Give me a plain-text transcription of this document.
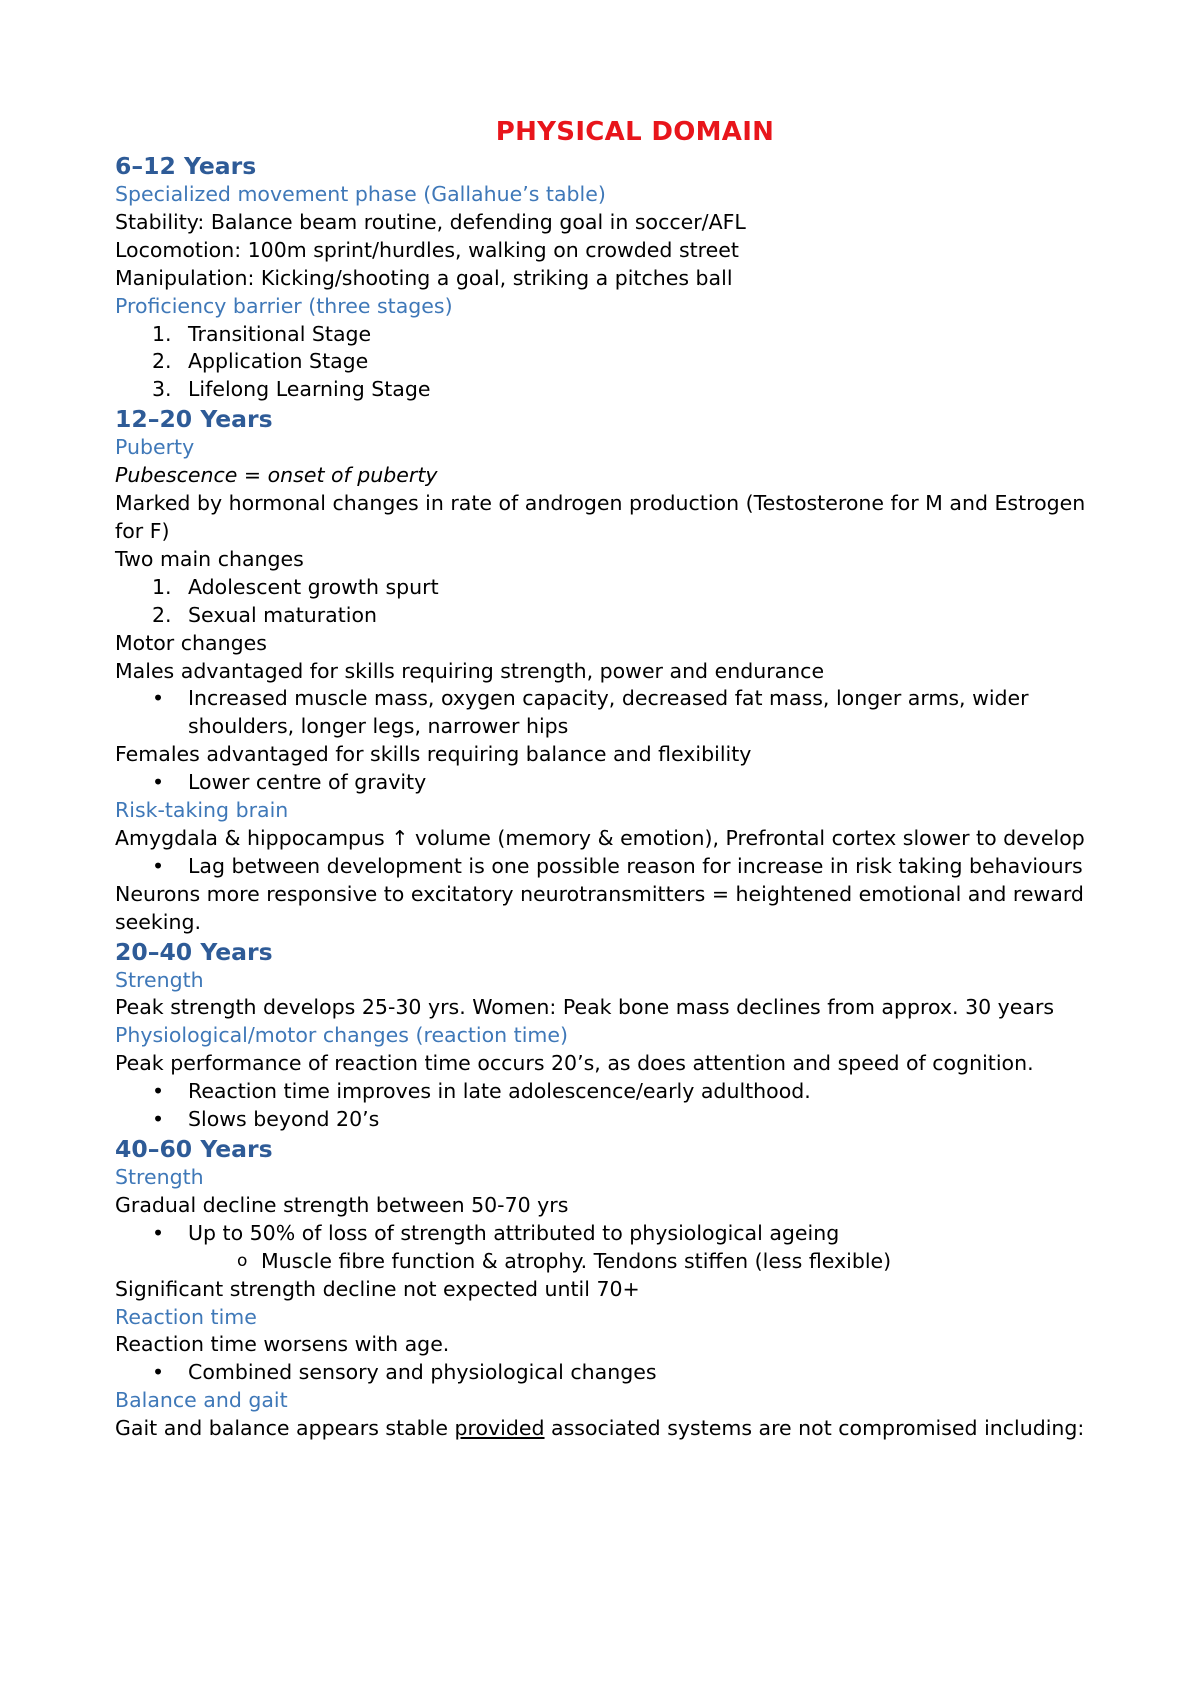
PHYSICAL DOMAIN
6–12 Years
Specialized movement phase (Gallahue’s table)
Stability: Balance beam routine, defending goal in soccer/AFL
Locomotion: 100m sprint/hurdles, walking on crowded street
Manipulation: Kicking/shooting a goal, striking a pitches ball
Proficiency barrier (three stages)
1. Transitional Stage
2. Application Stage
3. Lifelong Learning Stage
12–20 Years
Puberty
Pubescence = onset of puberty
Marked by hormonal changes in rate of androgen production (Testosterone for M and Estrogen for F)
Two main changes
1. Adolescent growth spurt
2. Sexual maturation
Motor changes
Males advantaged for skills requiring strength, power and endurance
• Increased muscle mass, oxygen capacity, decreased fat mass, longer arms, wider shoulders, longer legs, narrower hips
Females advantaged for skills requiring balance and flexibility
• Lower centre of gravity
Risk-taking brain
Amygdala & hippocampus ↑ volume (memory & emotion), Prefrontal cortex slower to develop
• Lag between development is one possible reason for increase in risk taking behaviours
Neurons more responsive to excitatory neurotransmitters = heightened emotional and reward seeking.
20–40 Years
Strength
Peak strength develops 25-30 yrs. Women: Peak bone mass declines from approx. 30 years
Physiological/motor changes (reaction time)
Peak performance of reaction time occurs 20’s, as does attention and speed of cognition.
• Reaction time improves in late adolescence/early adulthood.
• Slows beyond 20’s
40–60 Years
Strength
Gradual decline strength between 50-70 yrs
• Up to 50% of loss of strength attributed to physiological ageing
o Muscle fibre function & atrophy. Tendons stiffen (less flexible)
Significant strength decline not expected until 70+
Reaction time
Reaction time worsens with age.
• Combined sensory and physiological changes
Balance and gait
Gait and balance appears stable provided associated systems are not compromised including:
